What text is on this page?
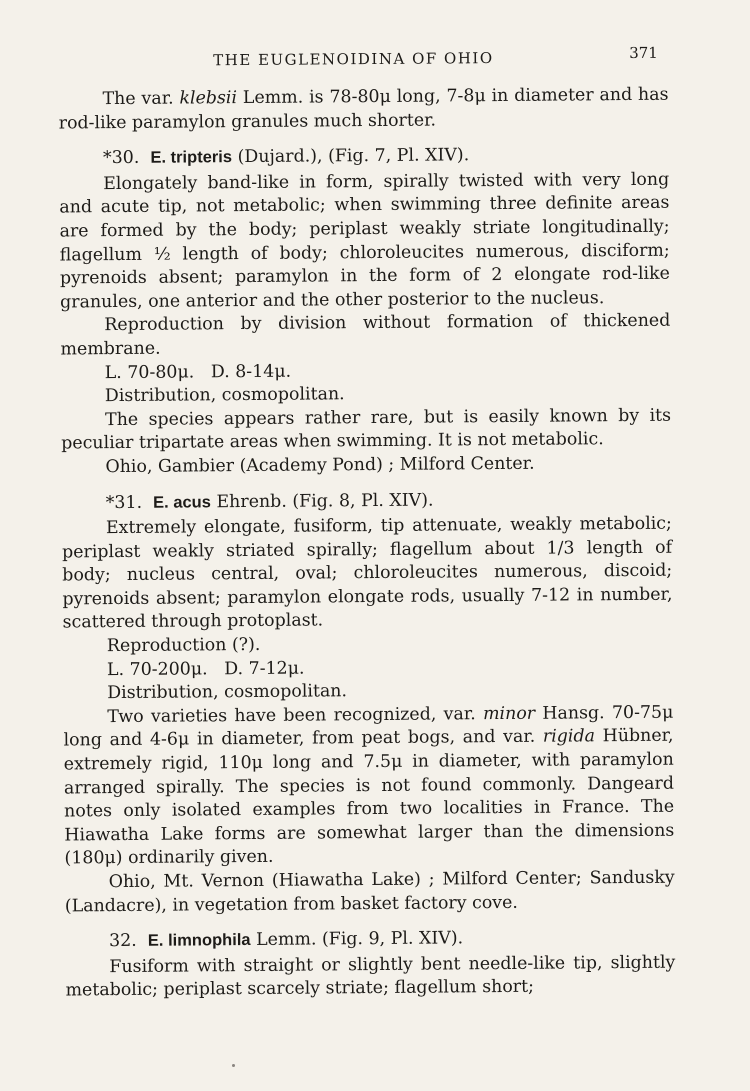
THE EUGLENOIDINA OF OHIO	371

The var. klebsii Lemm. is 78-80μ long, 7-8μ in diameter and has rod-like paramylon granules much shorter.

*30. E. tripteris (Dujard.), (Fig. 7, Pl. XIV).

Elongately band-like in form, spirally twisted with very long and acute tip, not metabolic; when swimming three definite areas are formed by the body; periplast weakly striate longitudinally; flagellum ½ length of body; chloroleucites numerous, disciform; pyrenoids absent; paramylon in the form of 2 elongate rod-like granules, one anterior and the other posterior to the nucleus.

Reproduction by division without formation of thickened membrane.

L. 70-80μ.   D. 8-14μ.

Distribution, cosmopolitan.

The species appears rather rare, but is easily known by its peculiar tripartate areas when swimming. It is not metabolic.

Ohio, Gambier (Academy Pond) ; Milford Center.

*31. E. acus Ehrenb. (Fig. 8, Pl. XIV).

Extremely elongate, fusiform, tip attenuate, weakly metabolic; periplast weakly striated spirally; flagellum about 1/3 length of body; nucleus central, oval; chloroleucites numerous, discoid; pyrenoids absent; paramylon elongate rods, usually 7-12 in number, scattered through protoplast.

Reproduction (?).

L. 70-200μ.   D. 7-12μ.

Distribution, cosmopolitan.

Two varieties have been recognized, var. minor Hansg. 70-75μ long and 4-6μ in diameter, from peat bogs, and var. rigida Hübner, extremely rigid, 110μ long and 7.5μ in diameter, with paramylon arranged spirally. The species is not found commonly. Dangeard notes only isolated examples from two localities in France. The Hiawatha Lake forms are somewhat larger than the dimensions (180μ) ordinarily given.

Ohio, Mt. Vernon (Hiawatha Lake) ; Milford Center; Sandusky (Landacre), in vegetation from basket factory cove.

32. E. limnophila Lemm. (Fig. 9, Pl. XIV).

Fusiform with straight or slightly bent needle-like tip, slightly metabolic; periplast scarcely striate; flagellum short;
